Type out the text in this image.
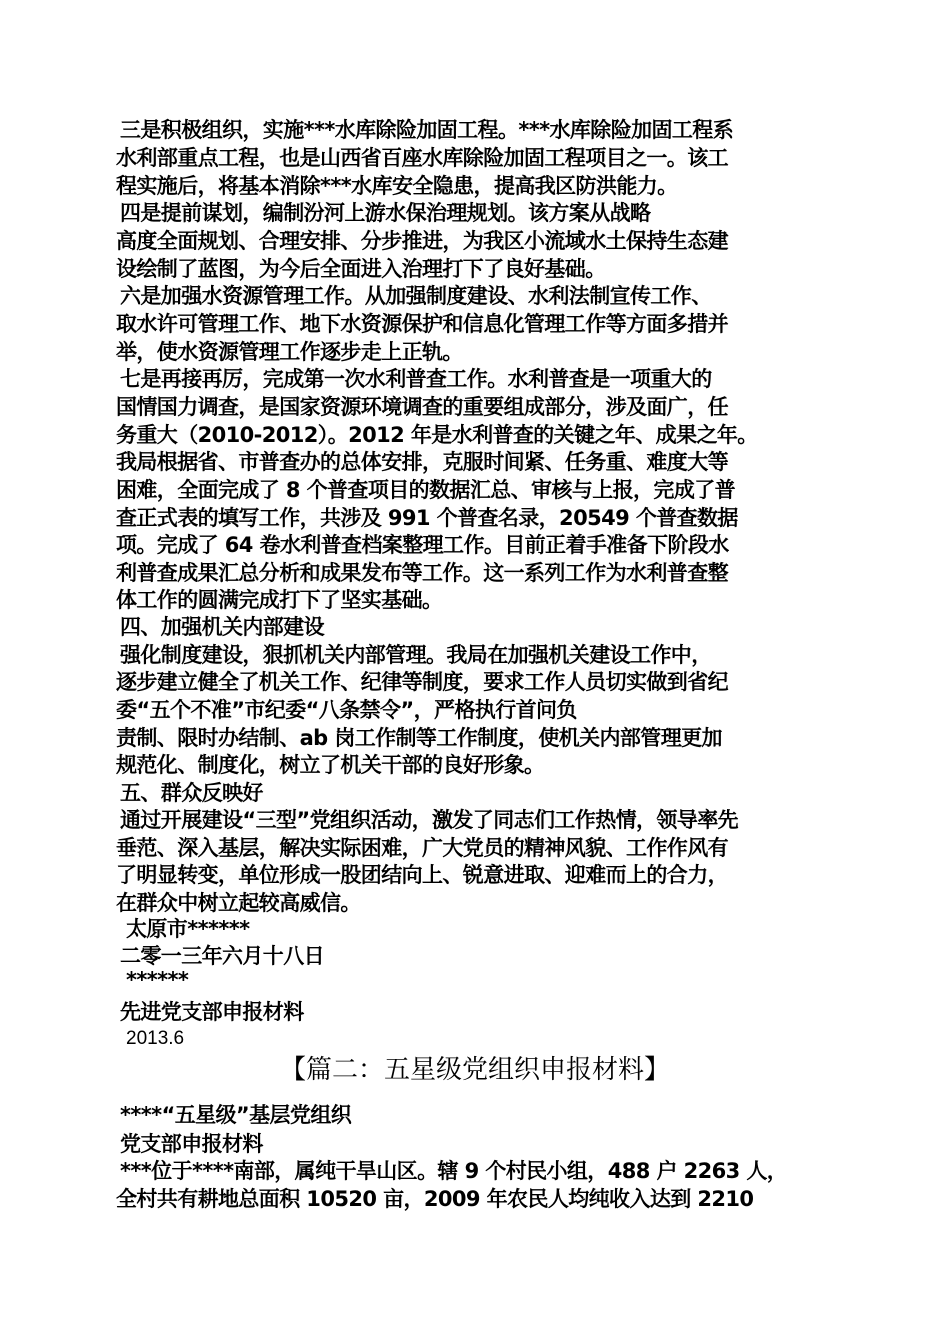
三是积极组织，实施***水库除险加固工程。***水库除险加固工程系
水利部重点工程，也是山西省百座水库除险加固工程项目之一。该工
程实施后，将基本消除***水库安全隐患，提高我区防洪能力。
四是提前谋划，编制汾河上游水保治理规划。该方案从战略
高度全面规划、合理安排、分步推进，为我区小流域水土保持生态建
设绘制了蓝图，为今后全面进入治理打下了良好基础。
六是加强水资源管理工作。从加强制度建设、水利法制宣传工作、
取水许可管理工作、地下水资源保护和信息化管理工作等方面多措并
举，使水资源管理工作逐步走上正轨。
七是再接再厉，完成第一次水利普查工作。水利普查是一项重大的
国情国力调查，是国家资源环境调查的重要组成部分，涉及面广，任
务重大（2010-2012）。2012 年是水利普查的关键之年、成果之年。
我局根据省、市普查办的总体安排，克服时间紧、任务重、难度大等
困难，全面完成了 8 个普查项目的数据汇总、审核与上报，完成了普
查正式表的填写工作，共涉及 991 个普查名录，20549 个普查数据
项。完成了 64 卷水利普查档案整理工作。目前正着手准备下阶段水
利普查成果汇总分析和成果发布等工作。这一系列工作为水利普查整
体工作的圆满完成打下了坚实基础。
四、加强机关内部建设
强化制度建设，狠抓机关内部管理。我局在加强机关建设工作中，
逐步建立健全了机关工作、纪律等制度，要求工作人员切实做到省纪
委“五个不准”市纪委“八条禁令”，严格执行首问负
责制、限时办结制、ab 岗工作制等工作制度，使机关内部管理更加
规范化、制度化，树立了机关干部的良好形象。
五、群众反映好
通过开展建设“三型”党组织活动，激发了同志们工作热情，领导率先
垂范、深入基层，解决实际困难，广大党员的精神风貌、工作作风有
了明显转变，单位形成一股团结向上、锐意进取、迎难而上的合力，
在群众中树立起较高威信。
太原市******
二零一三年六月十八日
******
先进党支部申报材料
2013.6
【篇二：五星级党组织申报材料】
****“五星级”基层党组织
党支部申报材料
***位于****南部，属纯干旱山区。辖 9 个村民小组，488 户 2263 人，
全村共有耕地总面积 10520 亩，2009 年农民人均纯收入达到 2210
